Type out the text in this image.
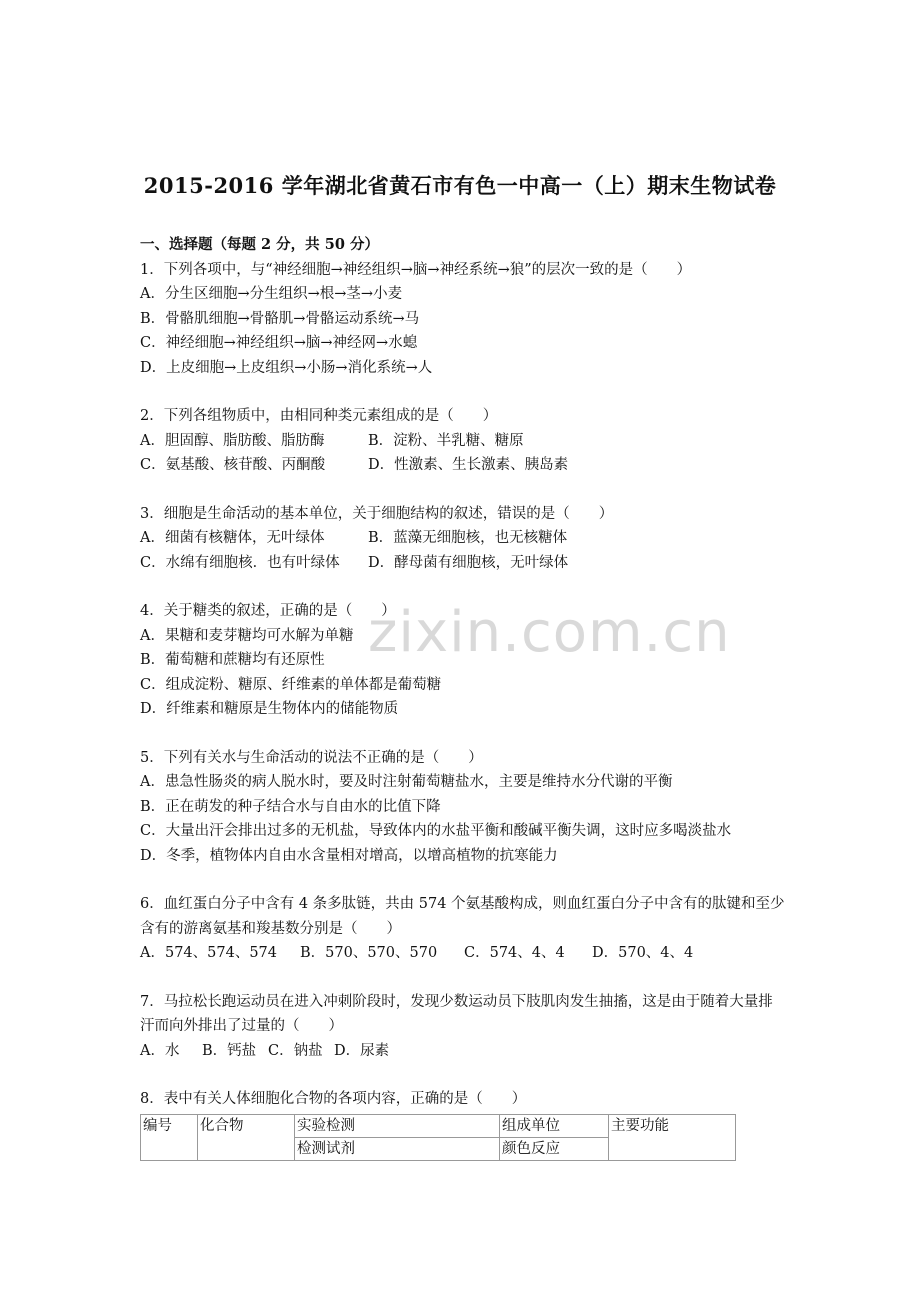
2015-2016 学年湖北省黄石市有色一中高一（上）期末生物试卷
zixin.com.cn
一、选择题（每题 2 分，共 50 分）
1．下列各项中，与“神经细胞→神经组织→脑→神经系统→狼”的层次一致的是（　　）
A．分生区细胞→分生组织→根→茎→小麦
B．骨骼肌细胞→骨骼肌→骨骼运动系统→马
C．神经细胞→神经组织→脑→神经网→水螅
D．上皮细胞→上皮组织→小肠→消化系统→人
2．下列各组物质中，由相同种类元素组成的是（　　）
A．胆固醇、脂肪酸、脂肪酶	B．淀粉、半乳糖、糖原
C．氨基酸、核苷酸、丙酮酸	D．性激素、生长激素、胰岛素
3．细胞是生命活动的基本单位，关于细胞结构的叙述，错误的是（　　）
A．细菌有核糖体，无叶绿体	B．蓝藻无细胞核，也无核糖体
C．水绵有细胞核．也有叶绿体 D．酵母菌有细胞核，无叶绿体
4．关于糖类的叙述，正确的是（　　）
A．果糖和麦芽糖均可水解为单糖
B．葡萄糖和蔗糖均有还原性
C．组成淀粉、糖原、纤维素的单体都是葡萄糖
D．纤维素和糖原是生物体内的储能物质
5．下列有关水与生命活动的说法不正确的是（　　）
A．患急性肠炎的病人脱水时，要及时注射葡萄糖盐水，主要是维持水分代谢的平衡
B．正在萌发的种子结合水与自由水的比值下降
C．大量出汗会排出过多的无机盐，导致体内的水盐平衡和酸碱平衡失调，这时应多喝淡盐水
D．冬季，植物体内自由水含量相对增高，以增高植物的抗寒能力
6．血红蛋白分子中含有 4 条多肽链，共由 574 个氨基酸构成，则血红蛋白分子中含有的肽键和至少含有的游离氨基和羧基数分别是（　　）
A．574、574、574 B．570、570、570 C．574、4、4 D．570、4、4
7．马拉松长跑运动员在进入冲刺阶段时，发现少数运动员下肢肌肉发生抽搐，这是由于随着大量排汗而向外排出了过量的（　　）
A．水 B．钙盐 C．钠盐 D．尿素
8．表中有关人体细胞化合物的各项内容，正确的是（　　）
编号	化合物	实验检测	组成单位	主要功能
		检测试剂	颜色反应	
